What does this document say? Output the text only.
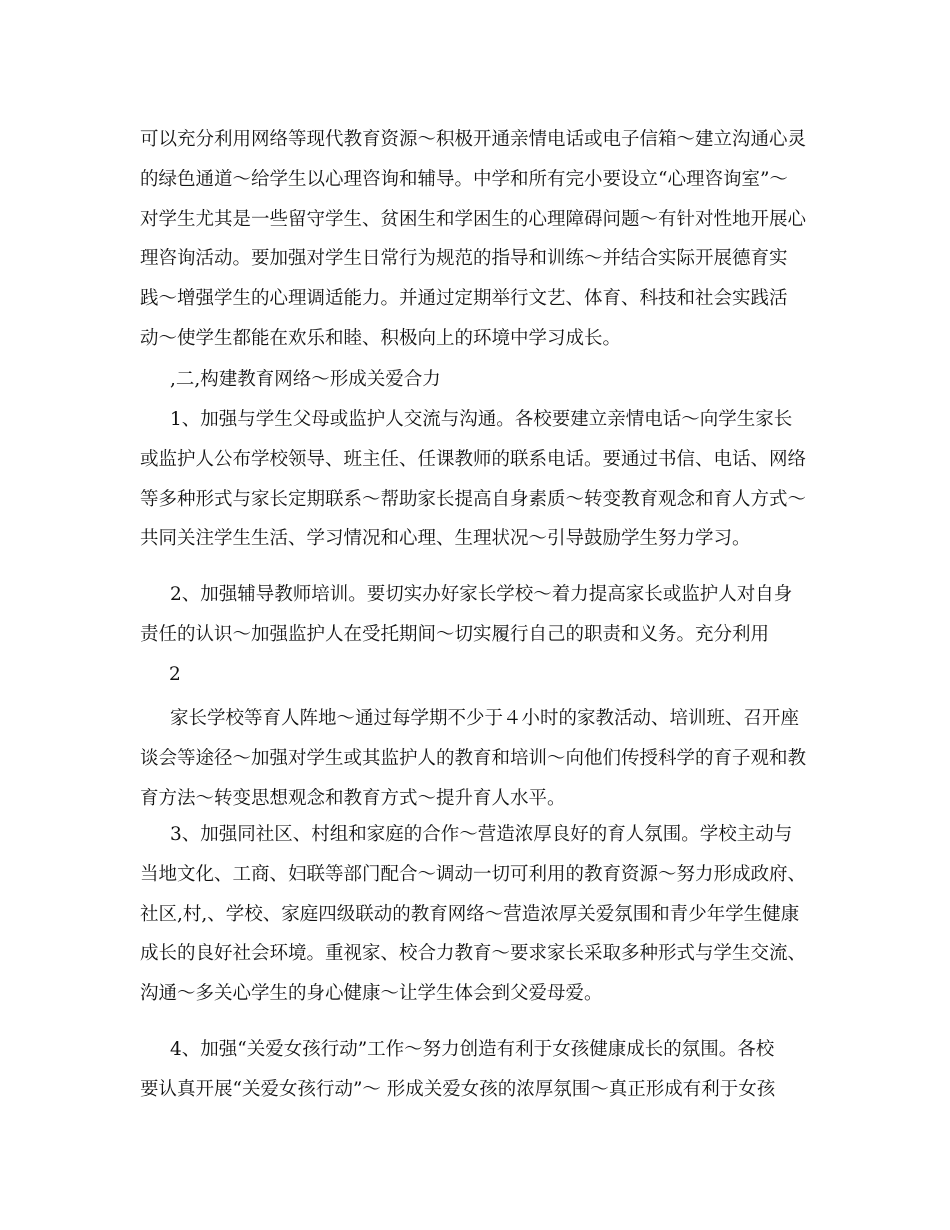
可以充分利用网络等现代教育资源～积极开通亲情电话或电子信箱～建立沟通心灵
的绿色通道～给学生以心理咨询和辅导。中学和所有完小要设立“心理咨询室”～
对学生尤其是一些留守学生、贫困生和学困生的心理障碍问题～有针对性地开展心
理咨询活动。要加强对学生日常行为规范的指导和训练～并结合实际开展德育实
践～增强学生的心理调适能力。并通过定期举行文艺、体育、科技和社会实践活
动～使学生都能在欢乐和睦、积极向上的环境中学习成长。
,二,构建教育网络～形成关爱合力
1、加强与学生父母或监护人交流与沟通。各校要建立亲情电话～向学生家长
或监护人公布学校领导、班主任、任课教师的联系电话。要通过书信、电话、网络
等多种形式与家长定期联系～帮助家长提高自身素质～转变教育观念和育人方式～
共同关注学生生活、学习情况和心理、生理状况～引导鼓励学生努力学习。
2、加强辅导教师培训。要切实办好家长学校～着力提高家长或监护人对自身
责任的认识～加强监护人在受托期间～切实履行自己的职责和义务。充分利用
2
家长学校等育人阵地～通过每学期不少于４小时的家教活动、培训班、召开座
谈会等途径～加强对学生或其监护人的教育和培训～向他们传授科学的育子观和教
育方法～转变思想观念和教育方式～提升育人水平。
3、加强同社区、村组和家庭的合作～营造浓厚良好的育人氛围。学校主动与
当地文化、工商、妇联等部门配合～调动一切可利用的教育资源～努力形成政府、
社区,村,、学校、家庭四级联动的教育网络～营造浓厚关爱氛围和青少年学生健康
成长的良好社会环境。重视家、校合力教育～要求家长采取多种形式与学生交流、
沟通～多关心学生的身心健康～让学生体会到父爱母爱。
4、加强“关爱女孩行动”工作～努力创造有利于女孩健康成长的氛围。各校
要认真开展“关爱女孩行动”～ 形成关爱女孩的浓厚氛围～真正形成有利于女孩
